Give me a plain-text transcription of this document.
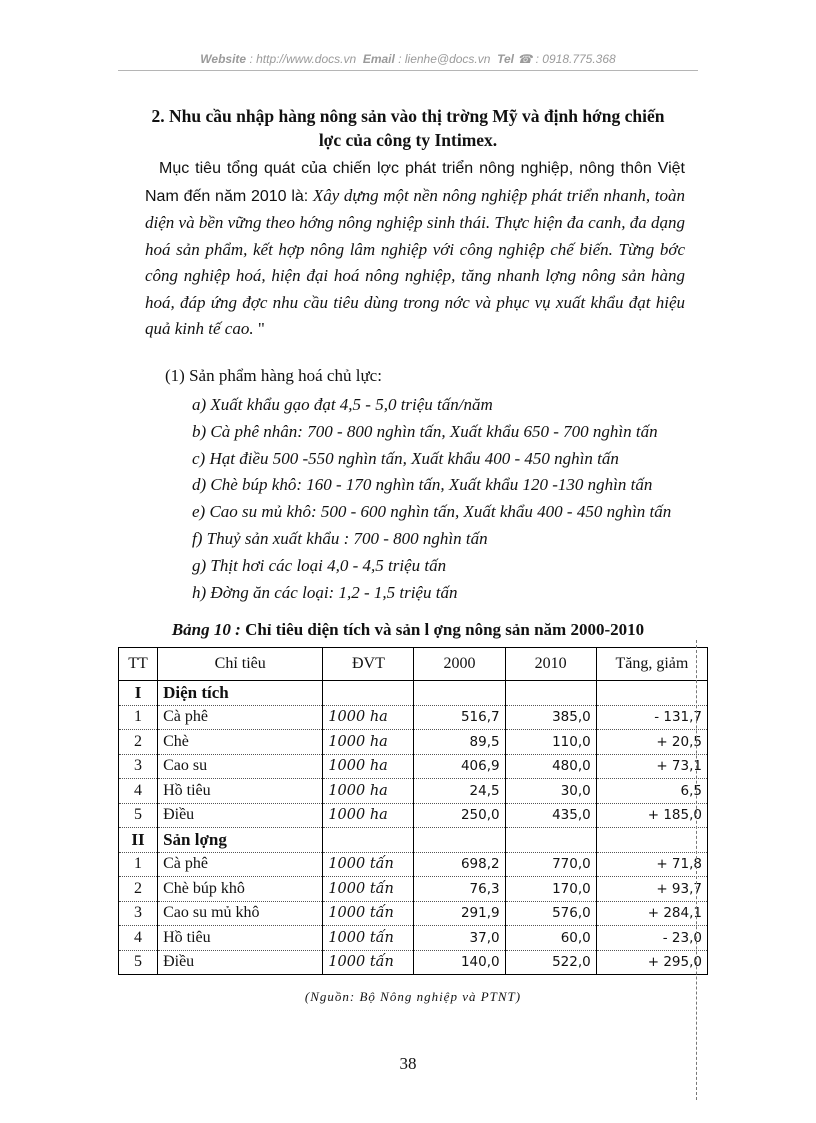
Website : http://www.docs.vn Email : lienhe@docs.vn Tel ☎ : 0918.775.368
2. Nhu cầu nhập hàng nông sản vào thị trờng Mỹ và định hớng chiến
lợc của công ty Intimex.
Mục tiêu tổng quát của chiến lợc phát triển nông nghiệp, nông thôn Việt Nam đến năm 2010 là: Xây dựng một nền nông nghiệp phát triển nhanh, toàn diện và bền vững theo hớng nông nghiệp sinh thái. Thực hiện đa canh, đa dạng hoá sản phẩm, kết hợp nông lâm nghiệp với công nghiệp chế biến. Từng bớc công nghiệp hoá, hiện đại hoá nông nghiệp, tăng nhanh lợng nông sản hàng hoá, đáp ứng đợc nhu cầu tiêu dùng trong nớc và phục vụ xuất khẩu đạt hiệu quả kinh tế cao. "
(1) Sản phẩm hàng hoá chủ lực:
a) Xuất khẩu gạo đạt 4,5 - 5,0 triệu tấn/năm
b) Cà phê nhân: 700 - 800 nghìn tấn, Xuất khẩu 650 - 700 nghìn tấn
c) Hạt điều 500 -550 nghìn tấn, Xuất khẩu 400 - 450 nghìn tấn
d) Chè búp khô: 160 - 170 nghìn tấn, Xuất khẩu 120 -130 nghìn tấn
e) Cao su mủ khô: 500 - 600 nghìn tấn, Xuất khẩu 400 - 450 nghìn tấn
f) Thuỷ sản xuất khẩu : 700 - 800 nghìn tấn
g) Thịt hơi các loại 4,0 - 4,5 triệu tấn
h) Đờng ăn các loại: 1,2 - 1,5 triệu tấn
Bảng 10 : Chỉ tiêu diện tích và sản l ợng nông sản năm 2000-2010
TT	Chỉ tiêu	ĐVT	2000	2010	Tăng, giảm
I	Diện tích				
1	Cà phê	1000 ha	516,7	385,0	- 131,7
2	Chè	1000 ha	89,5	110,0	+ 20,5
3	Cao su	1000 ha	406,9	480,0	+ 73,1
4	Hồ tiêu	1000 ha	24,5	30,0	6,5
5	Điều	1000 ha	250,0	435,0	+ 185,0
II	Sản lợng				
1	Cà phê	1000 tấn	698,2	770,0	+ 71,8
2	Chè búp khô	1000 tấn	76,3	170,0	+ 93,7
3	Cao su mủ khô	1000 tấn	291,9	576,0	+ 284,1
4	Hồ tiêu	1000 tấn	37,0	60,0	- 23,0
5	Điều	1000 tấn	140,0	522,0	+ 295,0
(Nguồn: Bộ Nông nghiệp và PTNT)
38
